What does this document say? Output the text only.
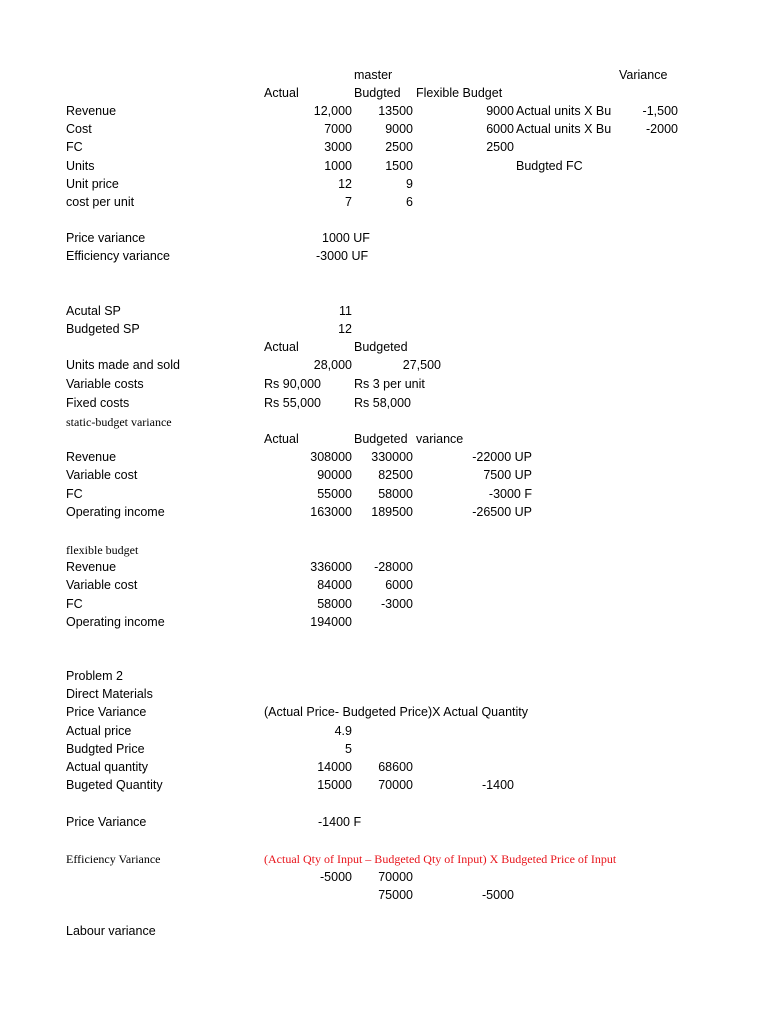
master	Variance
Actual	Budgted Flexible Budget
Revenue	12,000 13500	9000 Actual units X Bu	-1,500
Cost	7000	9000	6000 Actual units X Bu	-2000
FC	3000	2500	2500
Units	1000	1500	Budgted FC
Unit price	12	9
cost per unit	7	6
Price variance	1000 UF
Efficiency variance	-3000 UF
Acutal SP	11
Budgeted SP	12
Actual	Budgeted
Units made and sold	28,000	27,500
Variable costs	Rs 90,000	Rs 3 per unit
Fixed costs	Rs 55,000	Rs 58,000
static-budget variance
Actual	Budgeted variance
Revenue	308000 330000	-22000 UP
Variable cost	90000 82500	7500 UP
FC	55000 58000	-3000 F
Operating income	163000 189500	-26500 UP
flexible budget
Revenue	336000 -28000
Variable cost	84000	6000
FC	58000 -3000
Operating income	194000
Problem 2
Direct Materials
Price Variance	(Actual Price- Budgeted Price)X Actual Quantity
Actual price	4.9
Budgted Price	5
Actual quantity	14000 68600
Bugeted Quantity	15000 70000	-1400
Price Variance	-1400 F
Efficiency Variance	(Actual Qty of Input – Budgeted Qty of Input) X Budgeted Price of Input
-5000 70000
75000	-5000
Labour variance
